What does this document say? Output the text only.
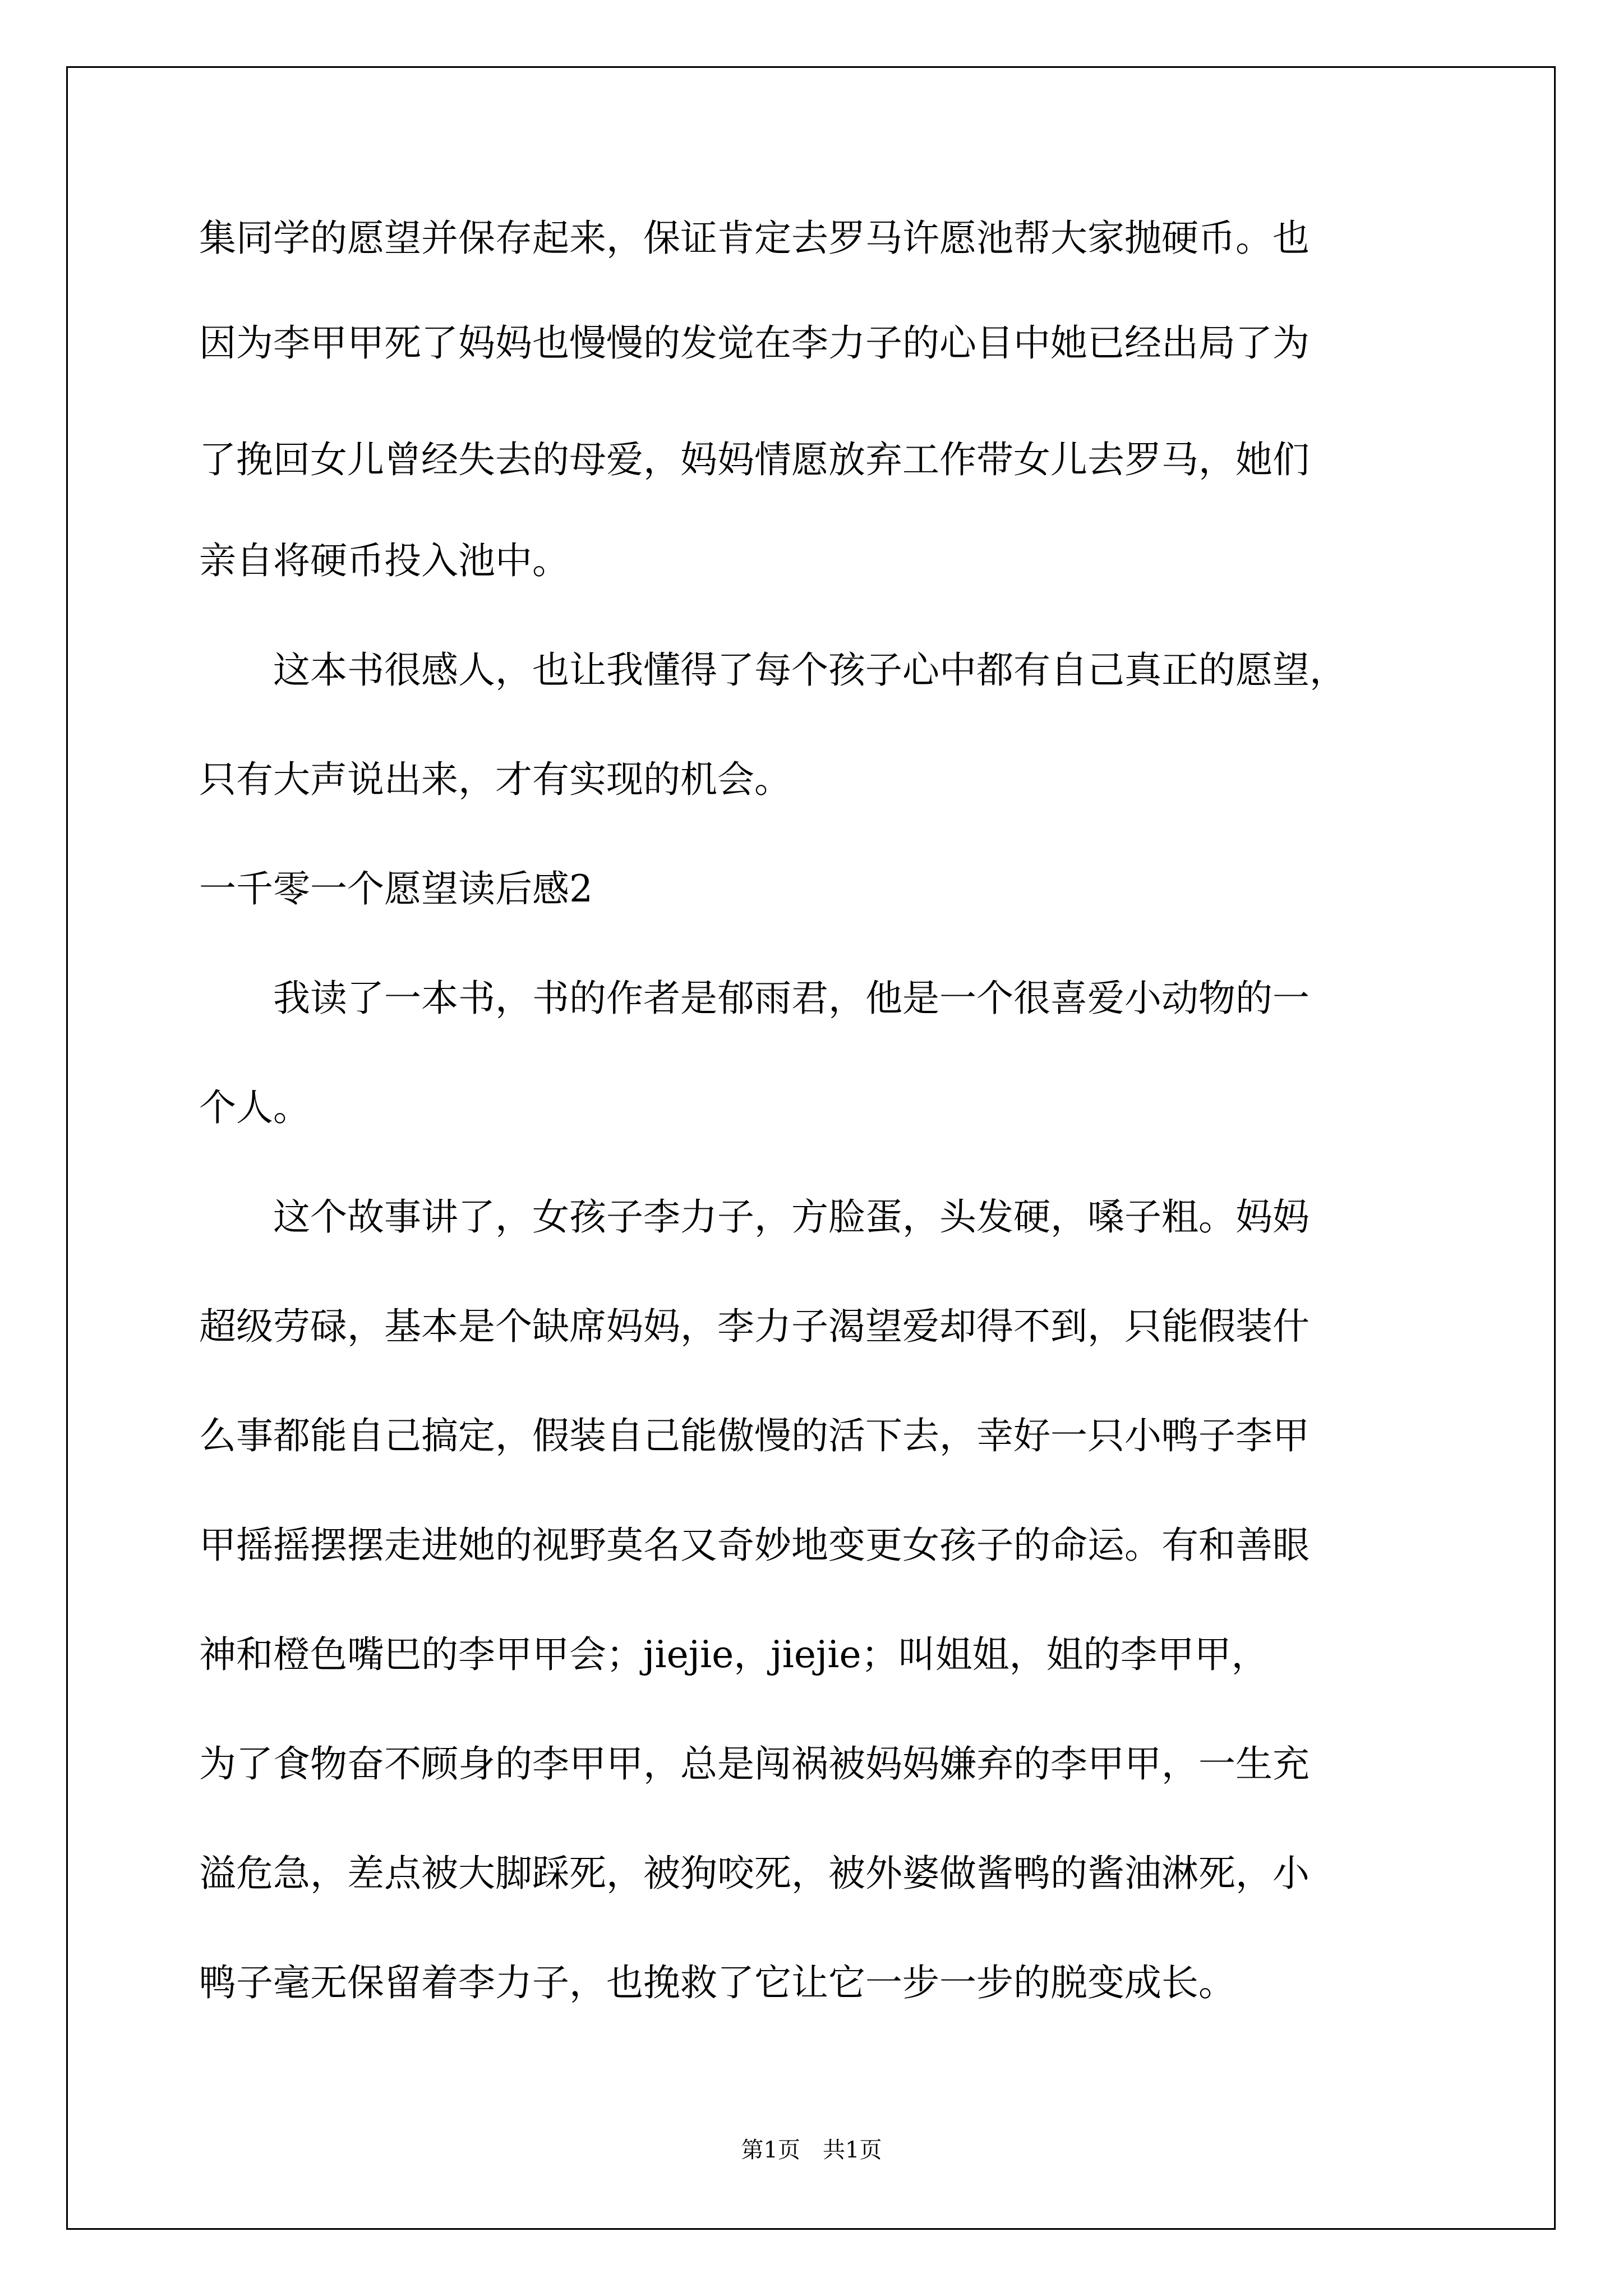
集同学的愿望并保存起来，保证肯定去罗马许愿池帮大家抛硬币。也
因为李甲甲死了妈妈也慢慢的发觉在李力子的心目中她已经出局了为
了挽回女儿曾经失去的母爱，妈妈情愿放弃工作带女儿去罗马，她们
亲自将硬币投入池中。
　　这本书很感人，也让我懂得了每个孩子心中都有自己真正的愿望，
只有大声说出来，才有实现的机会。
一千零一个愿望读后感2
　　我读了一本书，书的作者是郁雨君，他是一个很喜爱小动物的一
个人。
　　这个故事讲了，女孩子李力子，方脸蛋，头发硬，嗓子粗。妈妈
超级劳碌，基本是个缺席妈妈，李力子渴望爱却得不到，只能假装什
么事都能自己搞定，假装自己能傲慢的活下去，幸好一只小鸭子李甲
甲摇摇摆摆走进她的视野莫名又奇妙地变更女孩子的命运。有和善眼
神和橙色嘴巴的李甲甲会；jiejie，jiejie；叫姐姐，姐的李甲甲，
为了食物奋不顾身的李甲甲，总是闯祸被妈妈嫌弃的李甲甲，一生充
溢危急，差点被大脚踩死，被狗咬死，被外婆做酱鸭的酱油淋死，小
鸭子毫无保留着李力子，也挽救了它让它一步一步的脱变成长。
第1页　共1页
